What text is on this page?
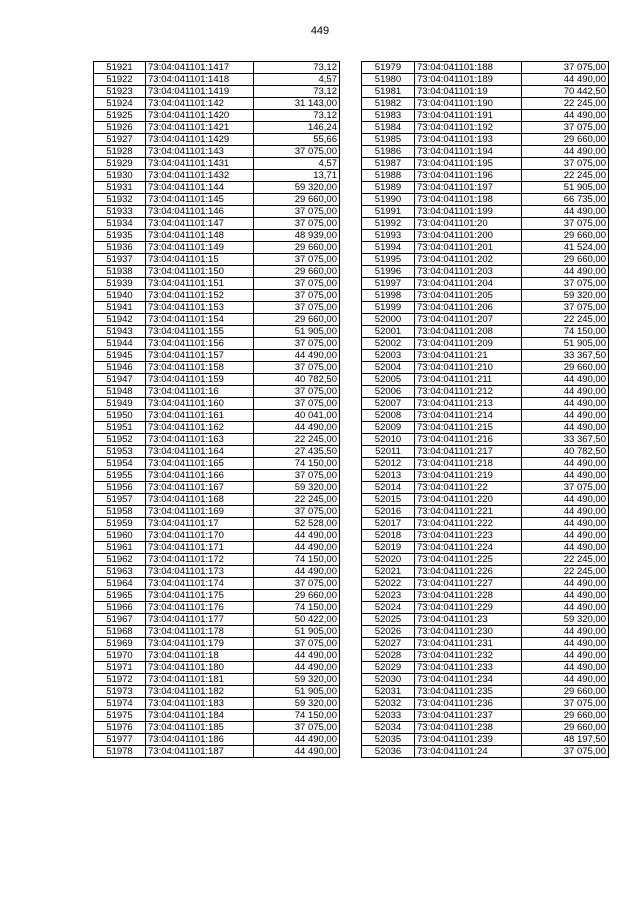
449
51921	73:04:041101:1417	73,12
51922	73:04:041101:1418	4,57
51923	73:04:041101:1419	73,12
51924	73:04:041101:142	31 143,00
51925	73:04:041101:1420	73,12
51926	73:04:041101:1421	146,24
51927	73:04:041101:1429	55,66
51928	73:04:041101:143	37 075,00
51929	73:04:041101:1431	4,57
51930	73:04:041101:1432	13,71
51931	73:04:041101:144	59 320,00
51932	73:04:041101:145	29 660,00
51933	73:04:041101:146	37 075,00
51934	73:04:041101:147	37 075,00
51935	73:04:041101:148	48 939,00
51936	73:04:041101:149	29 660,00
51937	73:04:041101:15	37 075,00
51938	73:04:041101:150	29 660,00
51939	73:04:041101:151	37 075,00
51940	73:04:041101:152	37 075,00
51941	73:04:041101:153	37 075,00
51942	73:04:041101:154	29 660,00
51943	73:04:041101:155	51 905,00
51944	73:04:041101:156	37 075,00
51945	73:04:041101:157	44 490,00
51946	73:04:041101:158	37 075,00
51947	73:04:041101:159	40 782,50
51948	73:04:041101:16	37 075,00
51949	73:04:041101:160	37 075,00
51950	73:04:041101:161	40 041,00
51951	73:04:041101:162	44 490,00
51952	73:04:041101:163	22 245,00
51953	73:04:041101:164	27 435,50
51954	73:04:041101:165	74 150,00
51955	73:04:041101:166	37 075,00
51956	73:04:041101:167	59 320,00
51957	73:04:041101:168	22 245,00
51958	73:04:041101:169	37 075,00
51959	73:04:041101:17	52 528,00
51960	73:04:041101:170	44 490,00
51961	73:04:041101:171	44 490,00
51962	73:04:041101:172	74 150,00
51963	73:04:041101:173	44 490,00
51964	73:04:041101:174	37 075,00
51965	73:04:041101:175	29 660,00
51966	73:04:041101:176	74 150,00
51967	73:04:041101:177	50 422,00
51968	73:04:041101:178	51 905,00
51969	73:04:041101:179	37 075,00
51970	73:04:041101:18	44 490,00
51971	73:04:041101:180	44 490,00
51972	73:04:041101:181	59 320,00
51973	73:04:041101:182	51 905,00
51974	73:04:041101:183	59 320,00
51975	73:04:041101:184	74 150,00
51976	73:04:041101:185	37 075,00
51977	73:04:041101:186	44 490,00
51978	73:04:041101:187	44 490,00
51979	73:04:041101:188	37 075,00
51980	73:04:041101:189	44 490,00
51981	73:04:041101:19	70 442,50
51982	73:04:041101:190	22 245,00
51983	73:04:041101:191	44 490,00
51984	73:04:041101:192	37 075,00
51985	73:04:041101:193	29 660,00
51986	73:04:041101:194	44 490,00
51987	73:04:041101:195	37 075,00
51988	73:04:041101:196	22 245,00
51989	73:04:041101:197	51 905,00
51990	73:04:041101:198	66 735,00
51991	73:04:041101:199	44 490,00
51992	73:04:041101:20	37 075,00
51993	73:04:041101:200	29 660,00
51994	73:04:041101:201	41 524,00
51995	73:04:041101:202	29 660,00
51996	73:04:041101:203	44 490,00
51997	73:04:041101:204	37 075,00
51998	73:04:041101:205	59 320,00
51999	73:04:041101:206	37 075,00
52000	73:04:041101:207	22 245,00
52001	73:04:041101:208	74 150,00
52002	73:04:041101:209	51 905,00
52003	73:04:041101:21	33 367,50
52004	73:04:041101:210	29 660,00
52005	73:04:041101:211	44 490,00
52006	73:04:041101:212	44 490,00
52007	73:04:041101:213	44 490,00
52008	73:04:041101:214	44 490,00
52009	73:04:041101:215	44 490,00
52010	73:04:041101:216	33 367,50
52011	73:04:041101:217	40 782,50
52012	73:04:041101:218	44 490,00
52013	73:04:041101:219	44 490,00
52014	73:04:041101:22	37 075,00
52015	73:04:041101:220	44 490,00
52016	73:04:041101:221	44 490,00
52017	73:04:041101:222	44 490,00
52018	73:04:041101:223	44 490,00
52019	73:04:041101:224	44 490,00
52020	73:04:041101:225	22 245,00
52021	73:04:041101:226	22 245,00
52022	73:04:041101:227	44 490,00
52023	73:04:041101:228	44 490,00
52024	73:04:041101:229	44 490,00
52025	73:04:041101:23	59 320,00
52026	73:04:041101:230	44 490,00
52027	73:04:041101:231	44 490,00
52028	73:04:041101:232	44 490,00
52029	73:04:041101:233	44 490,00
52030	73:04:041101:234	44 490,00
52031	73:04:041101:235	29 660,00
52032	73:04:041101:236	37 075,00
52033	73:04:041101:237	29 660,00
52034	73:04:041101:238	29 660,00
52035	73:04:041101:239	48 197,50
52036	73:04:041101:24	37 075,00
